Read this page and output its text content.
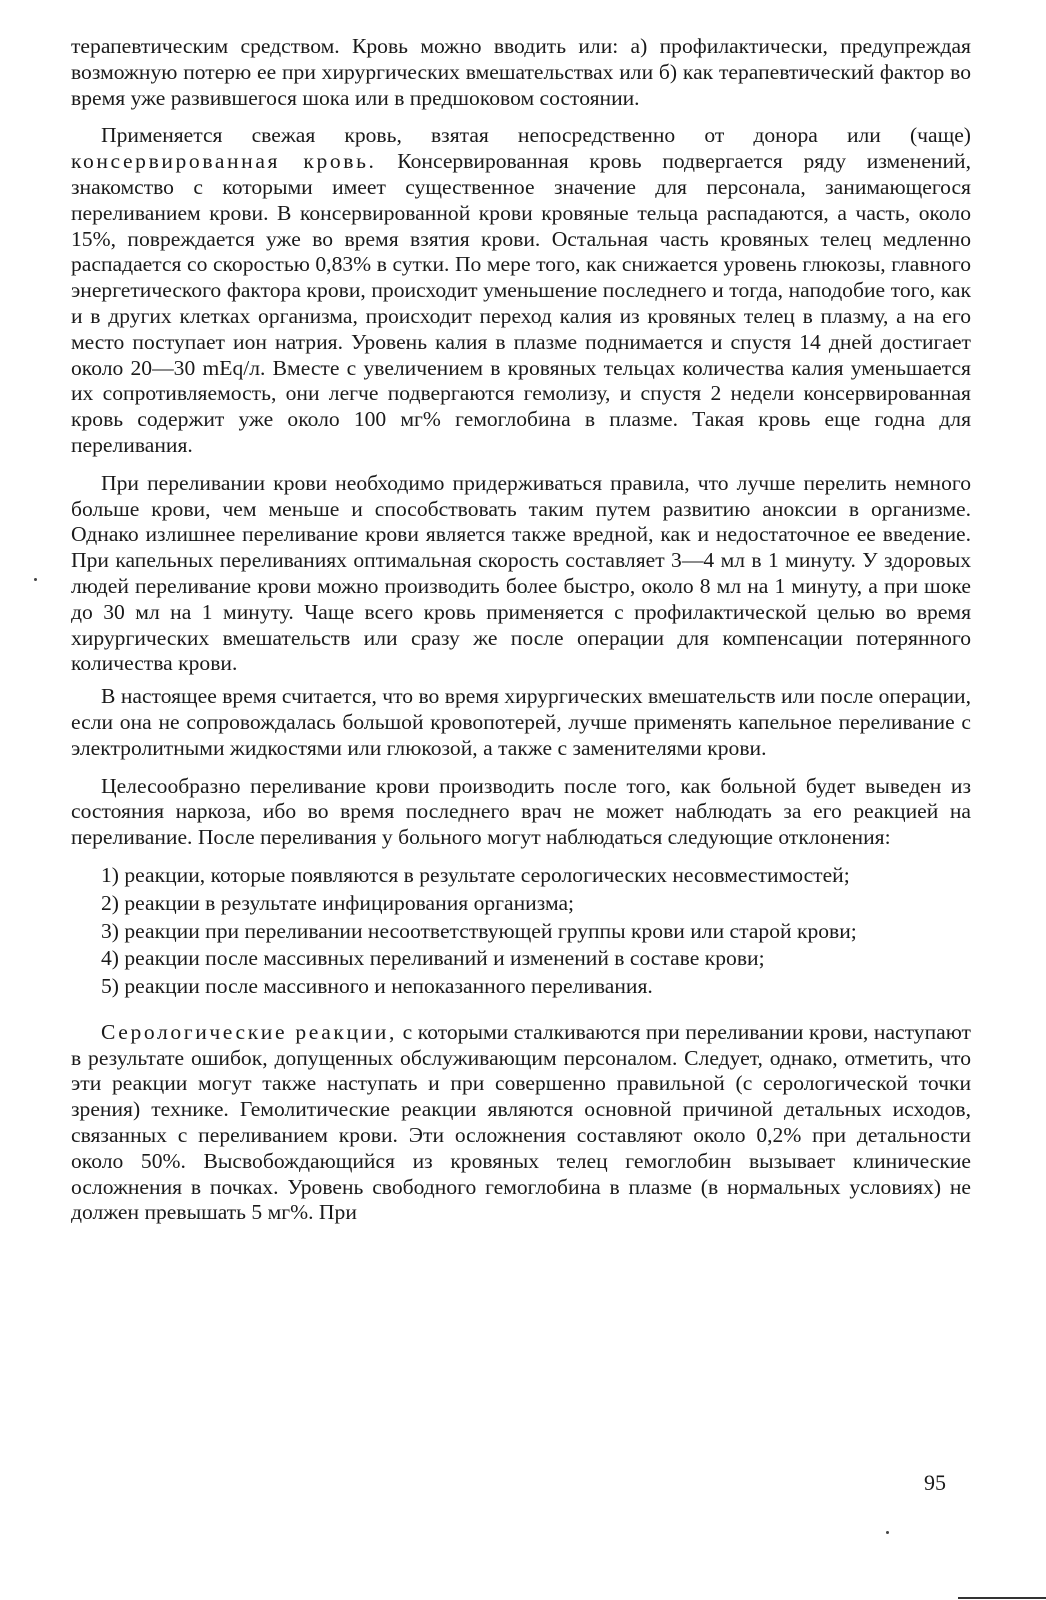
терапевтическим средством. Кровь можно вводить или: а) профилактически, предупреждая возможную потерю ее при хирургических вмешательствах или б) как терапевтический фактор во время уже развившегося шока или в предшоковом состоянии.

Применяется свежая кровь, взятая непосредственно от донора или (чаще) консервированная кровь. Консервированная кровь подвергается ряду изменений, знакомство с которыми имеет существенное значение для персонала, занимающегося переливанием крови. В консервированной крови кровяные тельца распадаются, а часть, около 15%, повреждается уже во время взятия крови. Остальная часть кровяных телец медленно распадается со скоростью 0,83% в сутки. По мере того, как снижается уровень глюкозы, главного энергетического фактора крови, происходит уменьшение последнего и тогда, наподобие того, как и в других клетках организма, происходит переход калия из кровяных телец в плазму, а на его место поступает ион натрия. Уровень калия в плазме поднимается и спустя 14 дней достигает около 20—30 mEq/л. Вместе с увеличением в кровяных тельцах количества калия уменьшается их сопротивляемость, они легче подвергаются гемолизу, и спустя 2 недели консервированная кровь содержит уже около 100 мг% гемоглобина в плазме. Такая кровь еще годна для переливания.

При переливании крови необходимо придерживаться правила, что лучше перелить немного больше крови, чем меньше и способствовать таким путем развитию аноксии в организме. Однако излишнее переливание крови является также вредной, как и недостаточное ее введение. При капельных переливаниях оптимальная скорость составляет 3—4 мл в 1 минуту. У здоровых людей переливание крови можно производить более быстро, около 8 мл на 1 минуту, а при шоке до 30 мл на 1 минуту. Чаще всего кровь применяется с профилактической целью во время хирургических вмешательств или сразу же после операции для компенсации потерянного количества крови.

В настоящее время считается, что во время хирургических вмешательств или после операции, если она не сопровождалась большой кровопотерей, лучше применять капельное переливание с электролитными жидкостями или глюкозой, а также с заменителями крови.

Целесообразно переливание крови производить после того, как больной будет выведен из состояния наркоза, ибо во время последнего врач не может наблюдать за его реакцией на переливание. После переливания у больного могут наблюдаться следующие отклонения:

1) реакции, которые появляются в результате серологических несовместимостей;
2) реакции в результате инфицирования организма;
3) реакции при переливании несоответствующей группы крови или старой крови;
4) реакции после массивных переливаний и изменений в составе крови;
5) реакции после массивного и непоказанного переливания.

Серологические реакции, с которыми сталкиваются при переливании крови, наступают в результате ошибок, допущенных обслуживающим персоналом. Следует, однако, отметить, что эти реакции могут также наступать и при совершенно правильной (с серологической точки зрения) технике. Гемолитические реакции являются основной причиной детальных исходов, связанных с переливанием крови. Эти осложнения составляют около 0,2% при детальности около 50%. Высвобождающийся из кровяных телец гемоглобин вызывает клинические осложнения в почках. Уровень свободного гемоглобина в плазме (в нормальных условиях) не должен превышать 5 мг%. При

95
